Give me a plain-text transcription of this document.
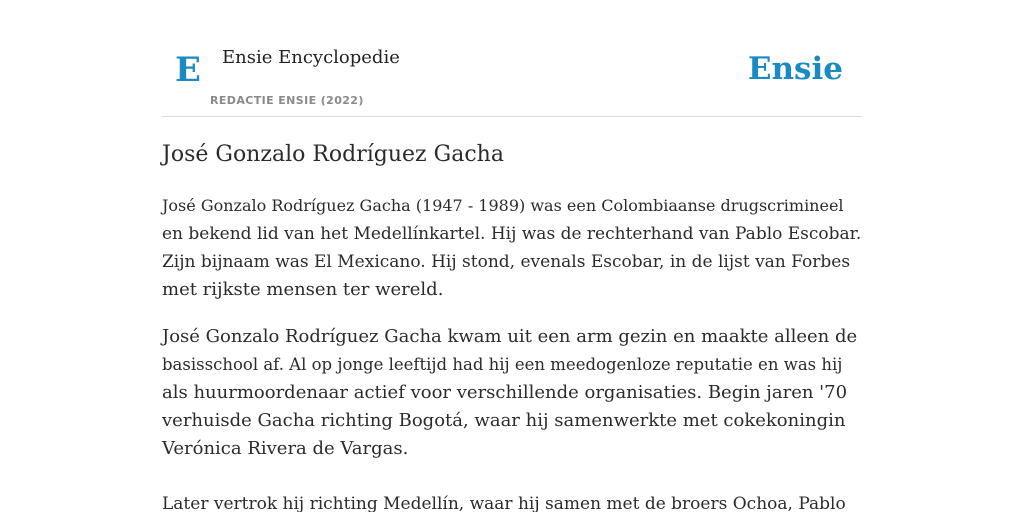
E Ensie Encyclopedie
REDACTIE ENSIE (2022)
Ensie
José Gonzalo Rodríguez Gacha

José Gonzalo Rodríguez Gacha (1947 - 1989) was een Colombiaanse drugscrimineel
en bekend lid van het Medellínkartel. Hij was de rechterhand van Pablo Escobar.
Zijn bijnaam was El Mexicano. Hij stond, evenals Escobar, in de lijst van Forbes
met rijkste mensen ter wereld.

José Gonzalo Rodríguez Gacha kwam uit een arm gezin en maakte alleen de
basisschool af. Al op jonge leeftijd had hij een meedogenloze reputatie en was hij
als huurmoordenaar actief voor verschillende organisaties. Begin jaren '70
verhuisde Gacha richting Bogotá, waar hij samenwerkte met cokekoningin
Verónica Rivera de Vargas.

Later vertrok hij richting Medellín, waar hij samen met de broers Ochoa, Pablo
